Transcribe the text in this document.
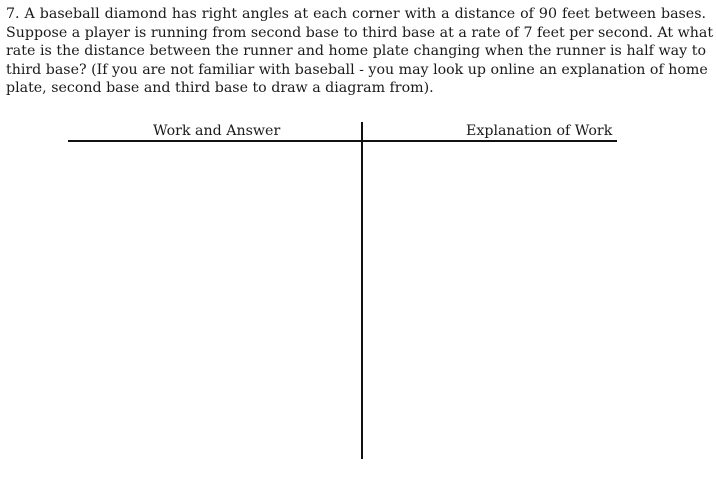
7. A baseball diamond has right angles at each corner with a distance of 90 feet between bases.
Suppose a player is running from second base to third base at a rate of 7 feet per second. At what
rate is the distance between the runner and home plate changing when the runner is half way to
third base? (If you are not familiar with baseball - you may look up online an explanation of home
plate, second base and third base to draw a diagram from).
Work and Answer	Explanation of Work
